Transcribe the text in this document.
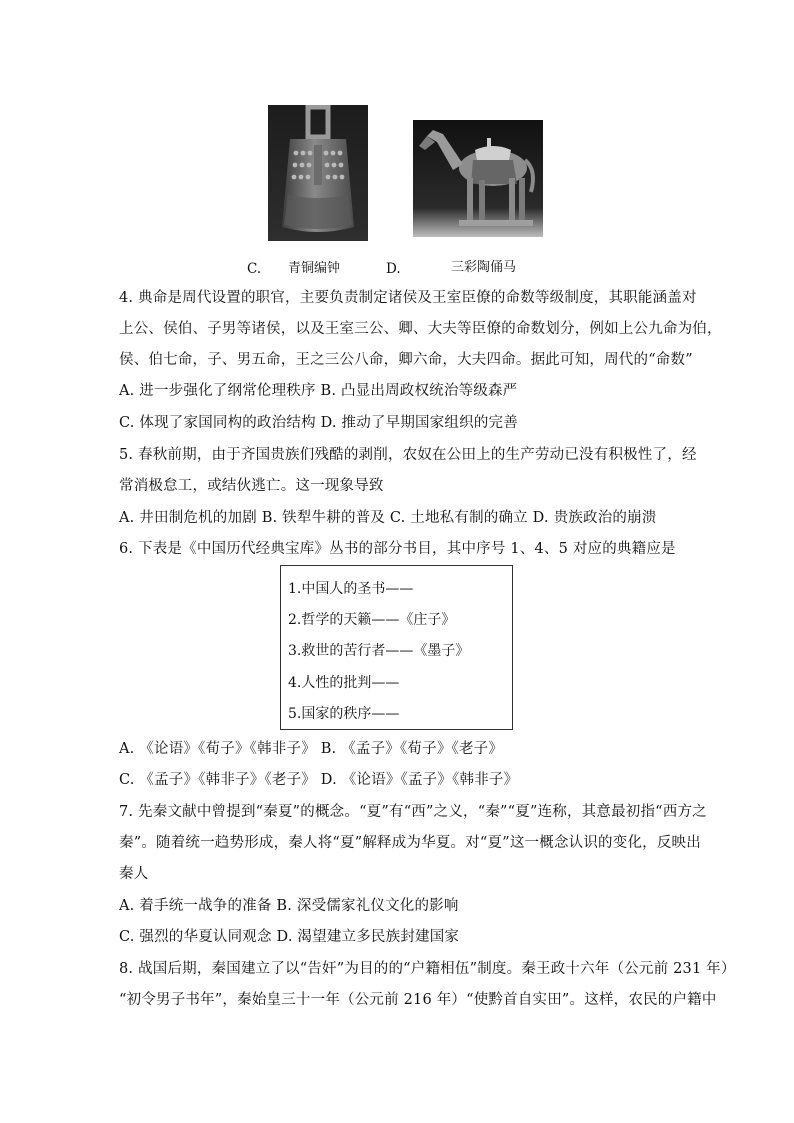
C. 青铜编钟	D.	三彩陶俑马
4. 典命是周代设置的职官，主要负责制定诸侯及王室臣僚的命数等级制度，其职能涵盖对
上公、侯伯、子男等诸侯，以及王室三公、卿、大夫等臣僚的命数划分，例如上公九命为伯，
侯、伯七命，子、男五命，王之三公八命，卿六命，大夫四命。据此可知，周代的“命数”
A. 进一步强化了纲常伦理秩序 B. 凸显出周政权统治等级森严
C. 体现了家国同构的政治结构 D. 推动了早期国家组织的完善
5. 春秋前期，由于齐国贵族们残酷的剥削，农奴在公田上的生产劳动已没有积极性了，经
常消极怠工，或结伙逃亡。这一现象导致
A. 井田制危机的加剧 B. 铁犁牛耕的普及 C. 土地私有制的确立 D. 贵族政治的崩溃
6. 下表是《中国历代经典宝库》丛书的部分书目，其中序号 1、4、5 对应的典籍应是
1.中国人的圣书——
2.哲学的天籁——《庄子》
3.救世的苦行者——《墨子》
4.人性的批判——
5.国家的秩序——
A. 《论语》《荀子》《韩非子》 B. 《孟子》《荀子》《老子》
C. 《孟子》《韩非子》《老子》 D. 《论语》《孟子》《韩非子》
7. 先秦文献中曾提到“秦夏”的概念。“夏”有“西”之义，“秦”“夏”连称，其意最初指“西方之
秦”。随着统一趋势形成，秦人将“夏”解释成为华夏。对“夏”这一概念认识的变化，反映出
秦人
A. 着手统一战争的准备 B. 深受儒家礼仪文化的影响
C. 强烈的华夏认同观念 D. 渴望建立多民族封建国家
8. 战国后期，秦国建立了以“告奸”为目的的“户籍相伍”制度。秦王政十六年（公元前 231 年）
“初令男子书年”，秦始皇三十一年（公元前 216 年）“使黔首自实田”。这样，农民的户籍中
